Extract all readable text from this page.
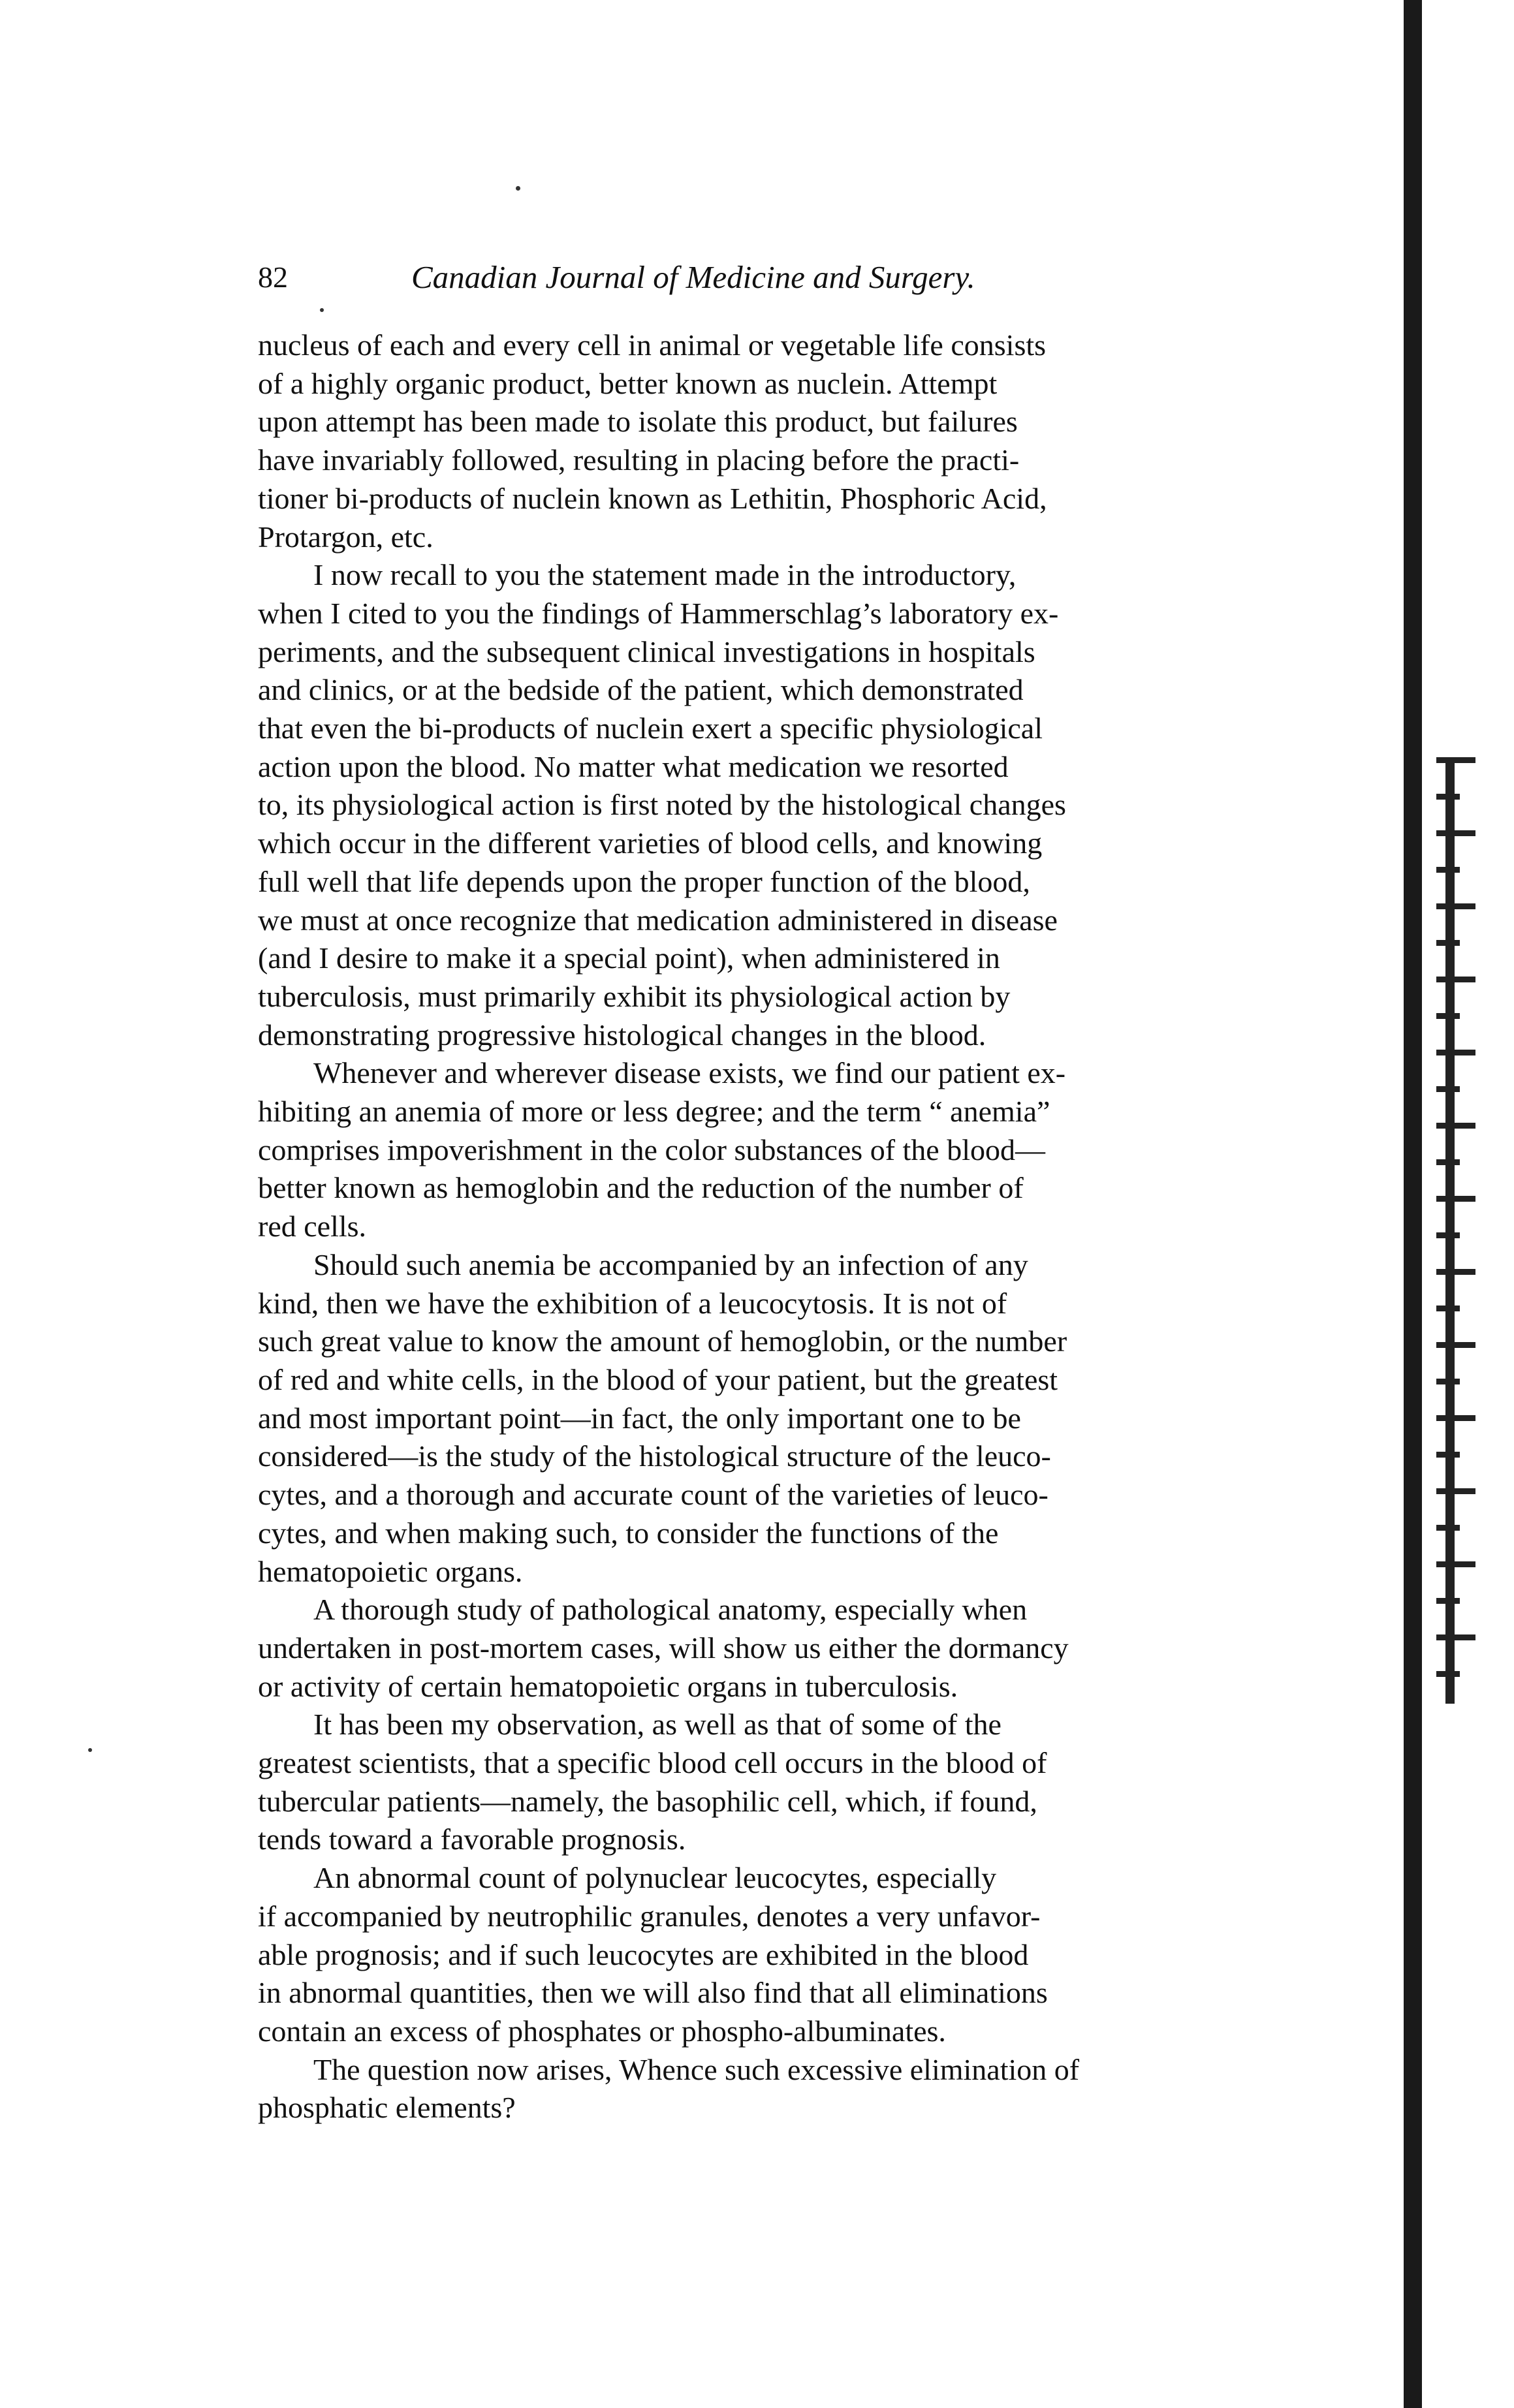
82	Canadian Journal of Medicine and Surgery.
nucleus of each and every cell in animal or vegetable life consists
of a highly organic product, better known as nuclein. Attempt
upon attempt has been made to isolate this product, but failures
have invariably followed, resulting in placing before the practi-
tioner bi-products of nuclein known as Lethitin, Phosphoric Acid,
Protargon, etc.
I now recall to you the statement made in the introductory,
when I cited to you the findings of Hammerschlag’s laboratory ex-
periments, and the subsequent clinical investigations in hospitals
and clinics, or at the bedside of the patient, which demonstrated
that even the bi-products of nuclein exert a specific physiological
action upon the blood. No matter what medication we resorted
to, its physiological action is first noted by the histological changes
which occur in the different varieties of blood cells, and knowing
full well that life depends upon the proper function of the blood,
we must at once recognize that medication administered in disease
(and I desire to make it a special point), when administered in
tuberculosis, must primarily exhibit its physiological action by
demonstrating progressive histological changes in the blood.
Whenever and wherever disease exists, we find our patient ex-
hibiting an anemia of more or less degree; and the term “ anemia”
comprises impoverishment in the color substances of the blood—
better known as hemoglobin and the reduction of the number of
red cells.
Should such anemia be accompanied by an infection of any
kind, then we have the exhibition of a leucocytosis. It is not of
such great value to know the amount of hemoglobin, or the number
of red and white cells, in the blood of your patient, but the greatest
and most important point—in fact, the only important one to be
considered—is the study of the histological structure of the leuco-
cytes, and a thorough and accurate count of the varieties of leuco-
cytes, and when making such, to consider the functions of the
hematopoietic organs.
A thorough study of pathological anatomy, especially when
undertaken in post-mortem cases, will show us either the dormancy
or activity of certain hematopoietic organs in tuberculosis.
It has been my observation, as well as that of some of the
greatest scientists, that a specific blood cell occurs in the blood of
tubercular patients—namely, the basophilic cell, which, if found,
tends toward a favorable prognosis.
An abnormal count of polynuclear leucocytes, especially
if accompanied by neutrophilic granules, denotes a very unfavor-
able prognosis; and if such leucocytes are exhibited in the blood
in abnormal quantities, then we will also find that all eliminations
contain an excess of phosphates or phospho-albuminates.
The question now arises, Whence such excessive elimination of
phosphatic elements?
